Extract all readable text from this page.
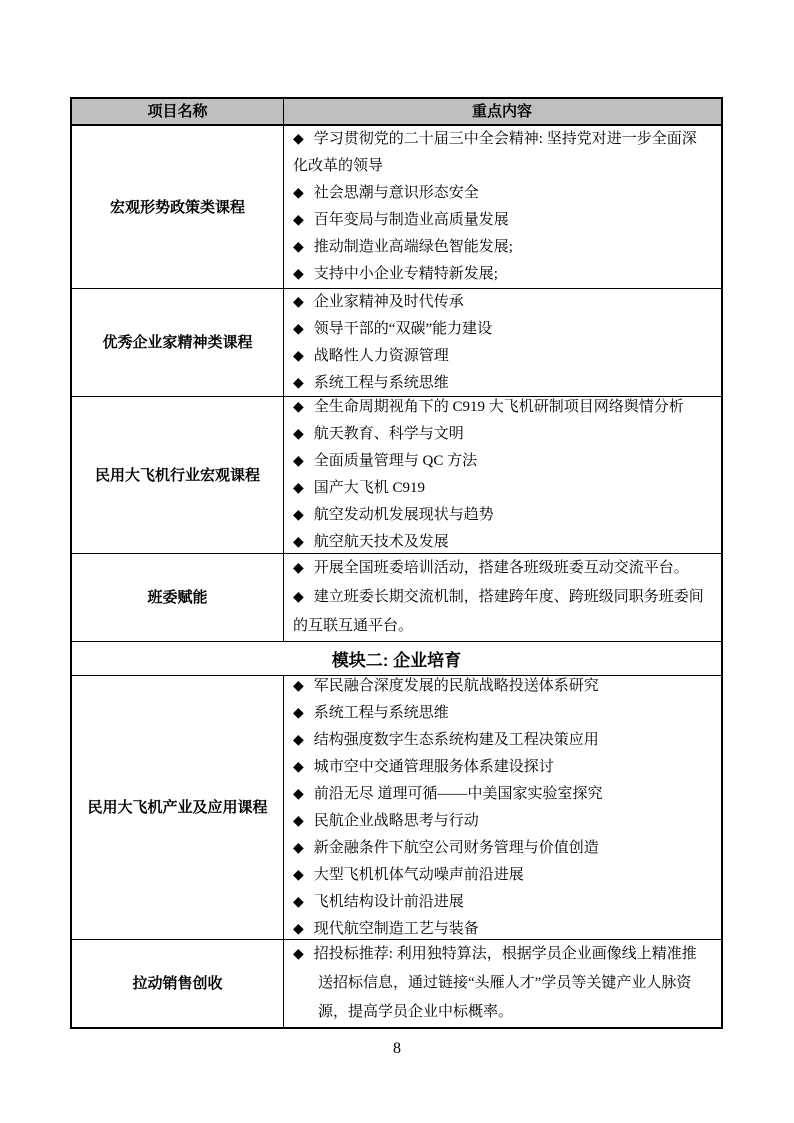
项目名称	重点内容
宏观形势政策类课程
◆ 学习贯彻党的二十届三中全会精神: 坚持党对进一步全面深化改革的领导
◆ 社会思潮与意识形态安全
◆ 百年变局与制造业高质量发展
◆ 推动制造业高端绿色智能发展;
◆ 支持中小企业专精特新发展;
优秀企业家精神类课程
◆ 企业家精神及时代传承
◆ 领导干部的“双碳”能力建设
◆ 战略性人力资源管理
◆ 系统工程与系统思维
民用大飞机行业宏观课程
◆ 全生命周期视角下的 C919 大飞机研制项目网络舆情分析
◆ 航天教育、科学与文明
◆ 全面质量管理与 QC 方法
◆ 国产大飞机 C919
◆ 航空发动机发展现状与趋势
◆ 航空航天技术及发展
班委赋能
◆ 开展全国班委培训活动，搭建各班级班委互动交流平台。
◆ 建立班委长期交流机制，搭建跨年度、跨班级同职务班委间的互联互通平台。
模块二: 企业培育
民用大飞机产业及应用课程
◆ 军民融合深度发展的民航战略投送体系研究
◆ 系统工程与系统思维
◆ 结构强度数字生态系统构建及工程决策应用
◆ 城市空中交通管理服务体系建设探讨
◆ 前沿无尽 道理可循——中美国家实验室探究
◆ 民航企业战略思考与行动
◆ 新金融条件下航空公司财务管理与价值创造
◆ 大型飞机机体气动噪声前沿进展
◆ 飞机结构设计前沿进展
◆ 现代航空制造工艺与装备
拉动销售创收
◆ 招投标推荐: 利用独特算法，根据学员企业画像线上精准推送招标信息，通过链接“头雁人才”学员等关键产业人脉资源，提高学员企业中标概率。
8
